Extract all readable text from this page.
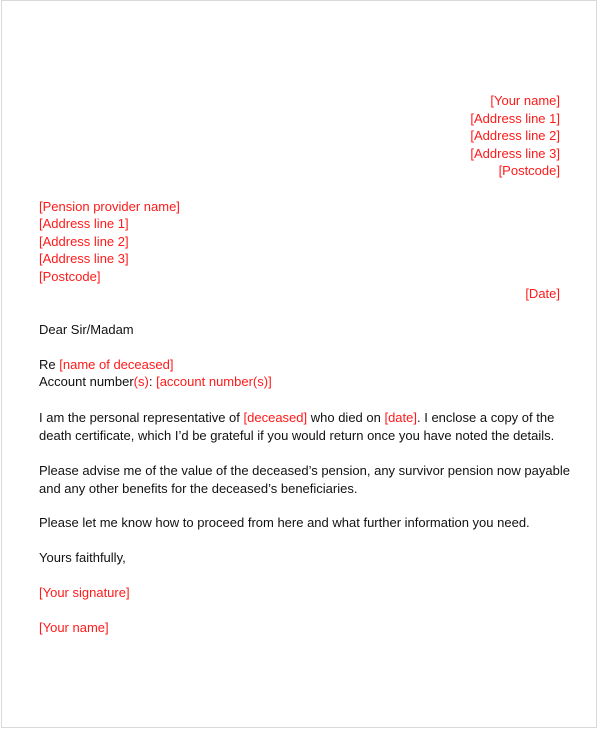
[Your name]
[Address line 1]
[Address line 2]
[Address line 3]
[Postcode]
[Pension provider name]
[Address line 1]
[Address line 2]
[Address line 3]
[Postcode]
[Date]
Dear Sir/Madam
Re [name of deceased]
Account number(s): [account number(s)]
I am the personal representative of [deceased] who died on [date]. I enclose a copy of the
death certificate, which I’d be grateful if you would return once you have noted the details.
Please advise me of the value of the deceased’s pension, any survivor pension now payable
and any other benefits for the deceased’s beneficiaries.
Please let me know how to proceed from here and what further information you need.
Yours faithfully,
[Your signature]
[Your name]
